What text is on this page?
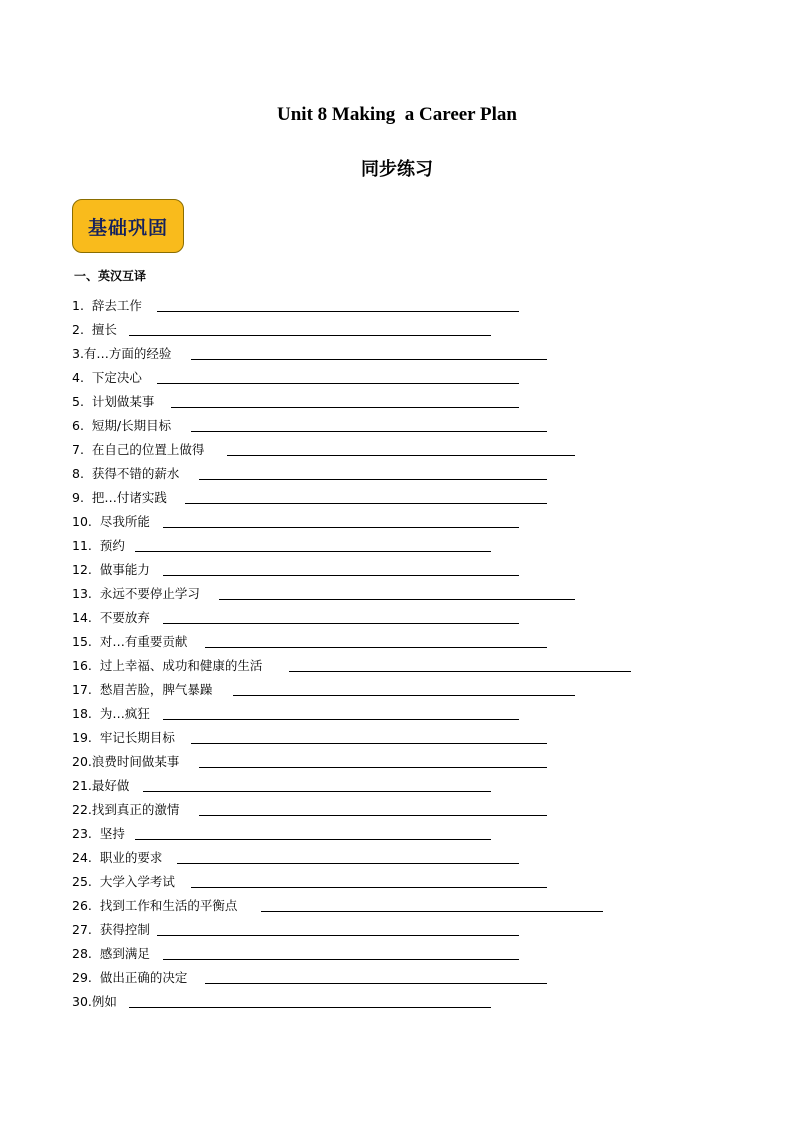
Unit 8 Making  a Career Plan
同步练习
基础巩固
一、英汉互译
1.  辞去工作
2.  擅长
3.有…方面的经验
4.  下定决心
5.  计划做某事
6.  短期/长期目标
7.  在自己的位置上做得
8.  获得不错的薪水
9.  把…付诸实践
10.  尽我所能
11.  预约
12.  做事能力
13.  永远不要停止学习
14.  不要放弃
15.  对…有重要贡献
16.  过上幸福、成功和健康的生活
17.  愁眉苦脸，脾气暴躁
18.  为…疯狂
19.  牢记长期目标
20.浪费时间做某事
21.最好做
22.找到真正的激情
23.  坚持
24.  职业的要求
25.  大学入学考试
26.  找到工作和生活的平衡点
27.  获得控制
28.  感到满足
29.  做出正确的决定
30.例如
